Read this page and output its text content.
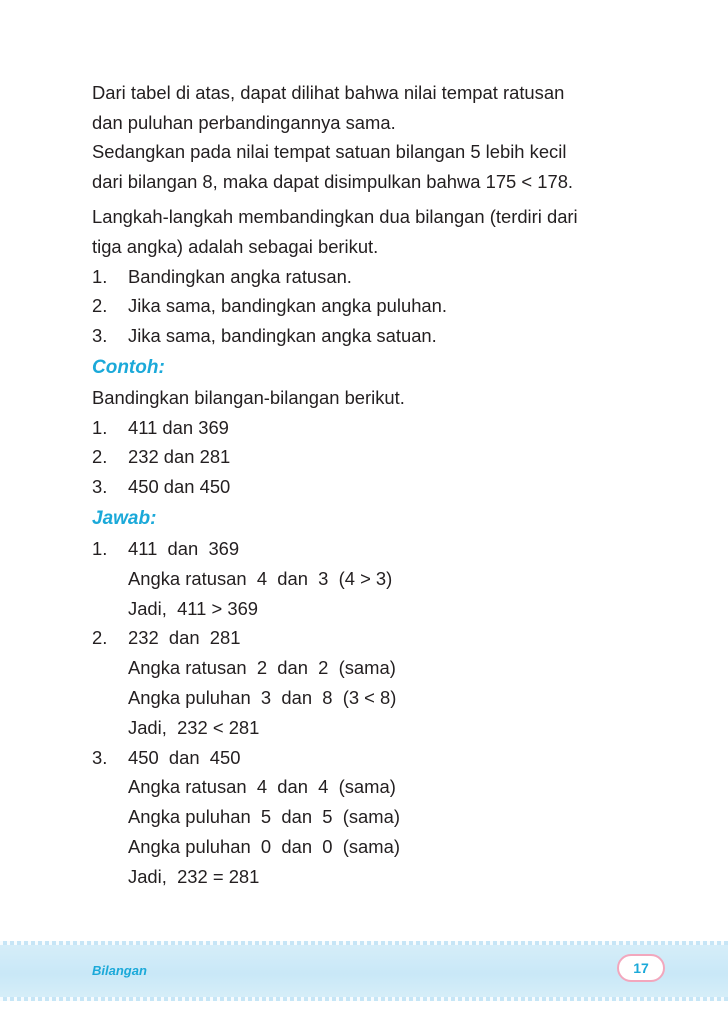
Dari tabel di atas, dapat dilihat bahwa nilai tempat ratusan

dan puluhan perbandingannya sama.

Sedangkan pada nilai tempat satuan bilangan 5 lebih kecil

dari bilangan 8, maka dapat disimpulkan bahwa 175 < 178.

Langkah-langkah membandingkan dua bilangan (terdiri dari

tiga angka) adalah sebagai berikut.

1.	Bandingkan angka ratusan.
2.	Jika sama, bandingkan angka puluhan.
3.	Jika sama, bandingkan angka satuan.
Contoh:

Bandingkan bilangan-bilangan berikut.

1.	411 dan 369
2.	232 dan 281
3.	450 dan 450
Jawab:
1.	411  dan  369
Angka ratusan  4  dan  3  (4 > 3)
Jadi,  411 > 369
2.	232  dan  281
Angka ratusan  2  dan  2  (sama)
Angka puluhan  3  dan  8  (3 < 8)
Jadi,  232 < 281
3.	450  dan  450
Angka ratusan  4  dan  4  (sama)
Angka puluhan  5  dan  5  (sama)
Angka puluhan  0  dan  0  (sama)
Jadi,  232 = 281
Bilangan	17
